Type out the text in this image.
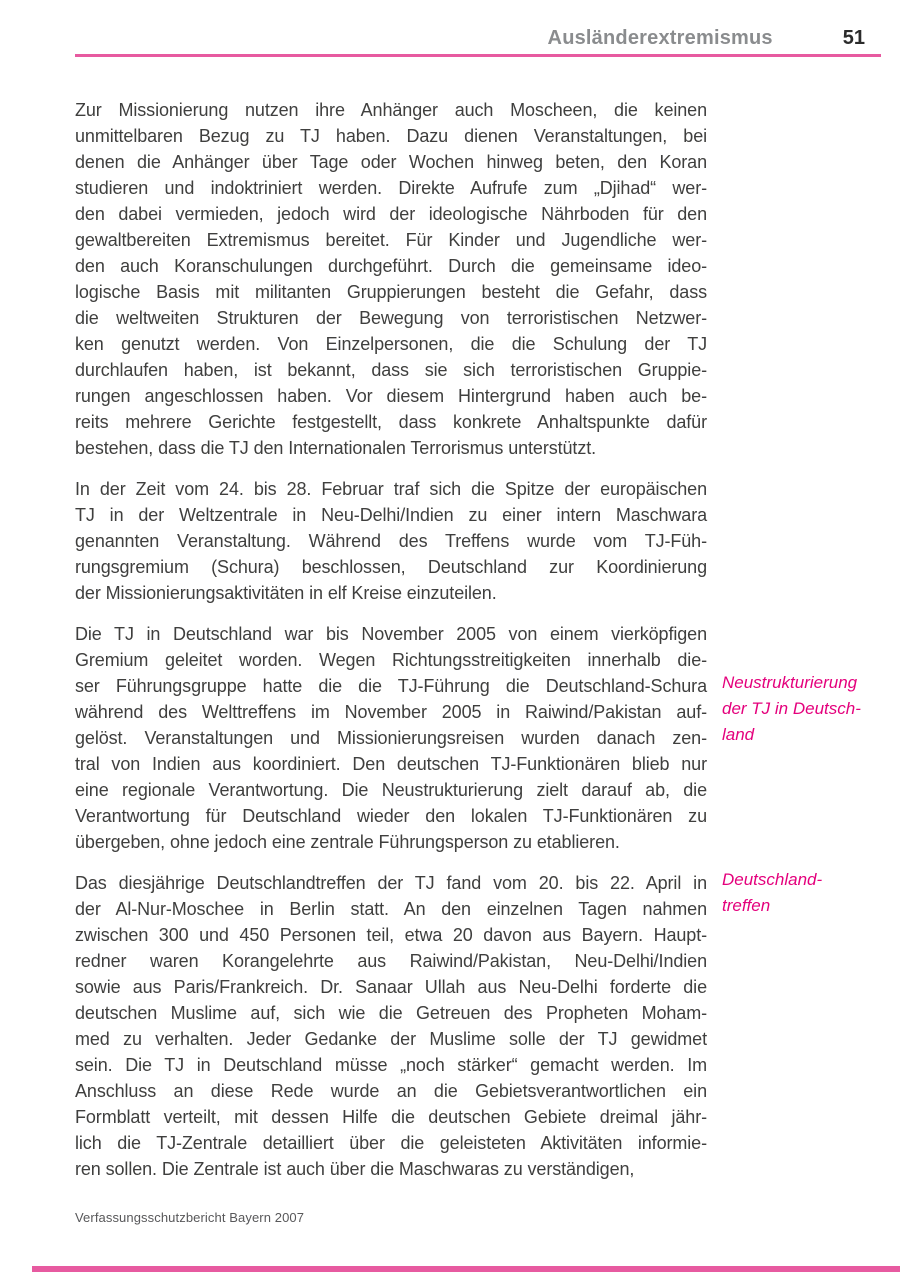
Ausländerextremismus	51
Zur Missionierung nutzen ihre Anhänger auch Moscheen, die keinen
unmittelbaren Bezug zu TJ haben. Dazu dienen Veranstaltungen, bei
denen die Anhänger über Tage oder Wochen hinweg beten, den Koran
studieren und indoktriniert werden. Direkte Aufrufe zum „Djihad“ wer-
den dabei vermieden, jedoch wird der ideologische Nährboden für den
gewaltbereiten Extremismus bereitet. Für Kinder und Jugendliche wer-
den auch Koranschulungen durchgeführt. Durch die gemeinsame ideo-
logische Basis mit militanten Gruppierungen besteht die Gefahr, dass
die weltweiten Strukturen der Bewegung von terroristischen Netzwer-
ken genutzt werden. Von Einzelpersonen, die die Schulung der TJ
durchlaufen haben, ist bekannt, dass sie sich terroristischen Gruppie-
rungen angeschlossen haben. Vor diesem Hintergrund haben auch be-
reits mehrere Gerichte festgestellt, dass konkrete Anhaltspunkte dafür
bestehen, dass die TJ den Internationalen Terrorismus unterstützt.
In der Zeit vom 24. bis 28. Februar traf sich die Spitze der europäischen
TJ in der Weltzentrale in Neu-Delhi/Indien zu einer intern Maschwara
genannten Veranstaltung. Während des Treffens wurde vom TJ-Füh-
rungsgremium (Schura) beschlossen, Deutschland zur Koordinierung
der Missionierungsaktivitäten in elf Kreise einzuteilen.
Die TJ in Deutschland war bis November 2005 von einem vierköpfigen
Gremium geleitet worden. Wegen Richtungsstreitigkeiten innerhalb die-
ser Führungsgruppe hatte die die TJ-Führung die Deutschland-Schura
während des Welttreffens im November 2005 in Raiwind/Pakistan auf-
gelöst. Veranstaltungen und Missionierungsreisen wurden danach zen-
tral von Indien aus koordiniert. Den deutschen TJ-Funktionären blieb nur
eine regionale Verantwortung. Die Neustrukturierung zielt darauf ab, die
Verantwortung für Deutschland wieder den lokalen TJ-Funktionären zu
übergeben, ohne jedoch eine zentrale Führungsperson zu etablieren.
Das diesjährige Deutschlandtreffen der TJ fand vom 20. bis 22. April in
der Al-Nur-Moschee in Berlin statt. An den einzelnen Tagen nahmen
zwischen 300 und 450 Personen teil, etwa 20 davon aus Bayern. Haupt-
redner waren Korangelehrte aus Raiwind/Pakistan, Neu-Delhi/Indien
sowie aus Paris/Frankreich. Dr. Sanaar Ullah aus Neu-Delhi forderte die
deutschen Muslime auf, sich wie die Getreuen des Propheten Moham-
med zu verhalten. Jeder Gedanke der Muslime solle der TJ gewidmet
sein. Die TJ in Deutschland müsse „noch stärker“ gemacht werden. Im
Anschluss an diese Rede wurde an die Gebietsverantwortlichen ein
Formblatt verteilt, mit dessen Hilfe die deutschen Gebiete dreimal jähr-
lich die TJ-Zentrale detailliert über die geleisteten Aktivitäten informie-
ren sollen. Die Zentrale ist auch über die Maschwaras zu verständigen,
Neustrukturierung
der TJ in Deutsch-
land
Deutschland-
treffen
Verfassungsschutzbericht Bayern 2007
